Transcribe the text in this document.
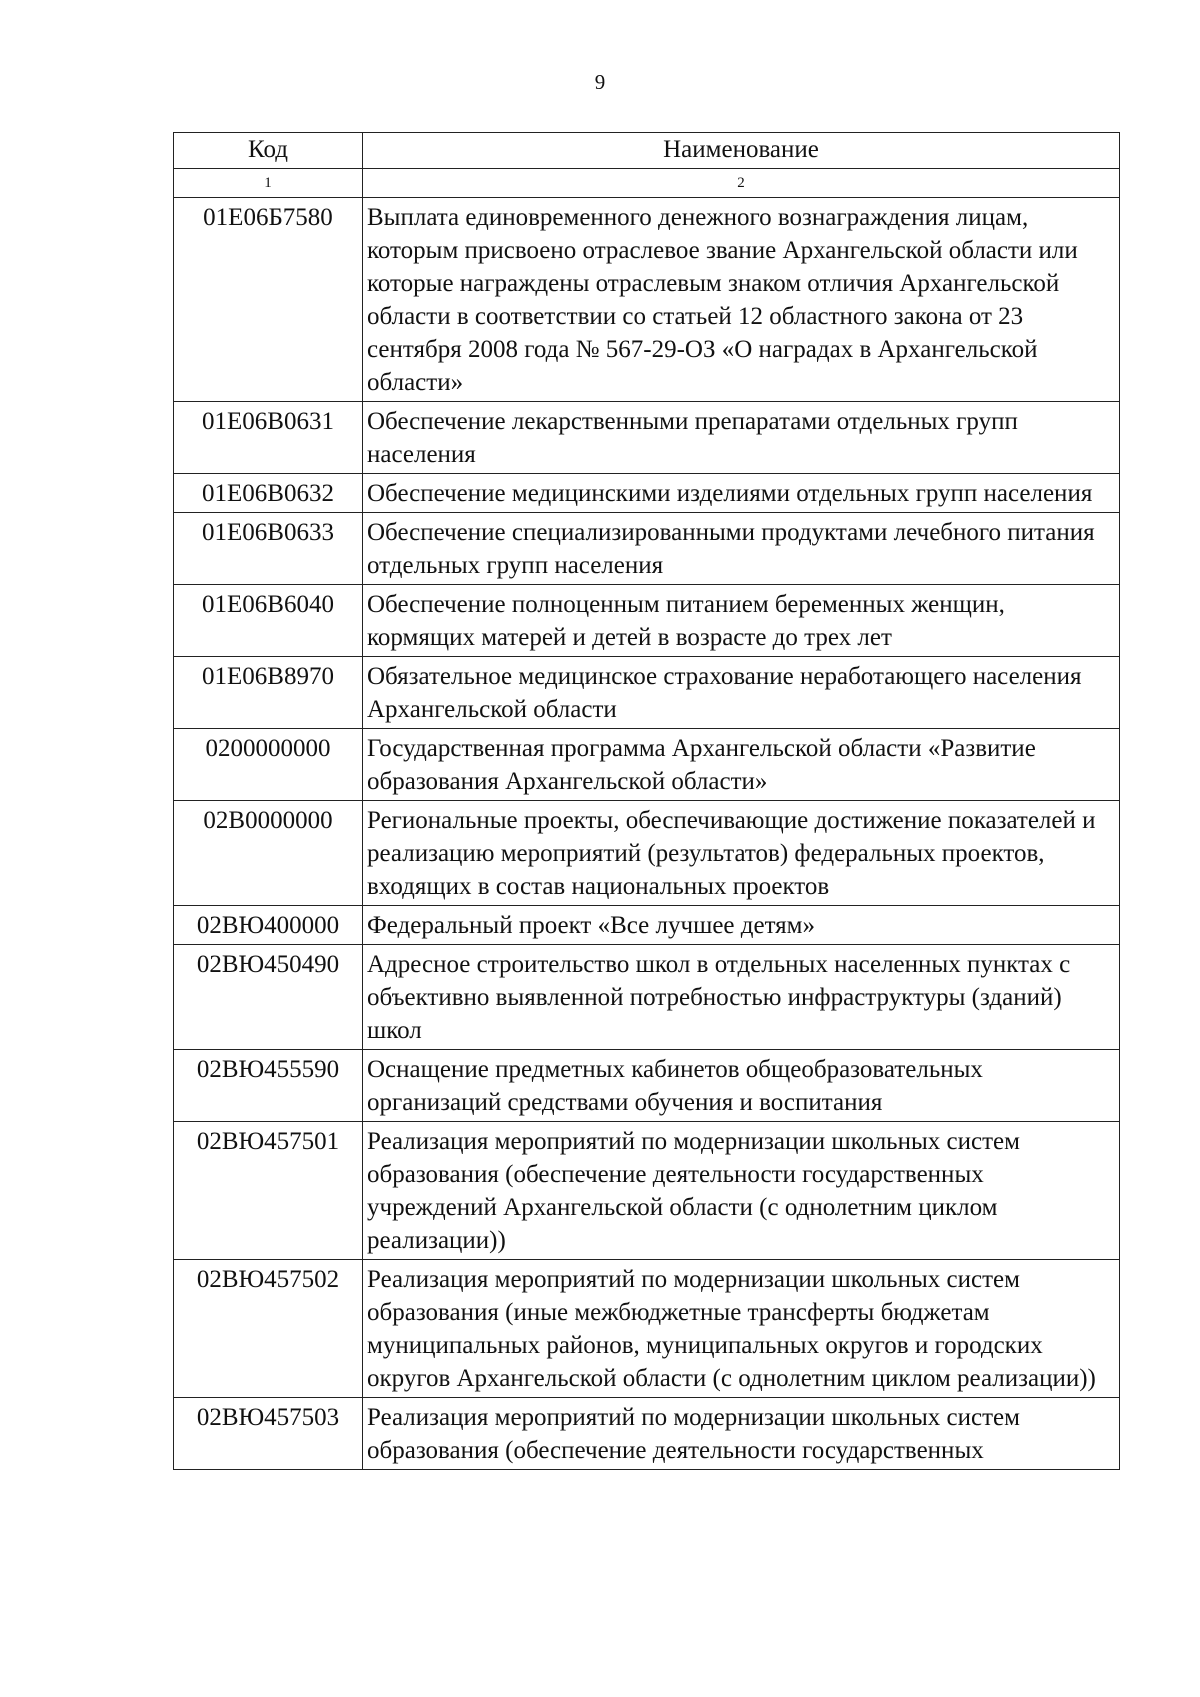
9
Код	Наименование
1	2
01Е06Б7580	Выплата единовременного денежного вознаграждения лицам, которым присвоено отраслевое звание Архангельской области или которые награждены отраслевым знаком отличия Архангельской области в соответствии со статьей 12 областного закона от 23 сентября 2008 года № 567-29-ОЗ «О наградах в Архангельской области»
01Е06В0631	Обеспечение лекарственными препаратами отдельных групп населения
01Е06В0632	Обеспечение медицинскими изделиями отдельных групп населения
01Е06В0633	Обеспечение специализированными продуктами лечебного питания отдельных групп населения
01Е06В6040	Обеспечение полноценным питанием беременных женщин, кормящих матерей и детей в возрасте до трех лет
01Е06В8970	Обязательное медицинское страхование неработающего населения Архангельской области
0200000000	Государственная программа Архангельской области «Развитие образования Архангельской области»
02В0000000	Региональные проекты, обеспечивающие достижение показателей и реализацию мероприятий (результатов) федеральных проектов, входящих в состав национальных проектов
02ВЮ400000	Федеральный проект «Все лучшее детям»
02ВЮ450490	Адресное строительство школ в отдельных населенных пунктах с объективно выявленной потребностью инфраструктуры (зданий) школ
02ВЮ455590	Оснащение предметных кабинетов общеобразовательных организаций средствами обучения и воспитания
02ВЮ457501	Реализация мероприятий по модернизации школьных систем образования (обеспечение деятельности государственных учреждений Архангельской области (с однолетним циклом реализации))
02ВЮ457502	Реализация мероприятий по модернизации школьных систем образования (иные межбюджетные трансферты бюджетам муниципальных районов, муниципальных округов и городских округов Архангельской области (с однолетним циклом реализации))
02ВЮ457503	Реализация мероприятий по модернизации школьных систем образования (обеспечение деятельности государственных
